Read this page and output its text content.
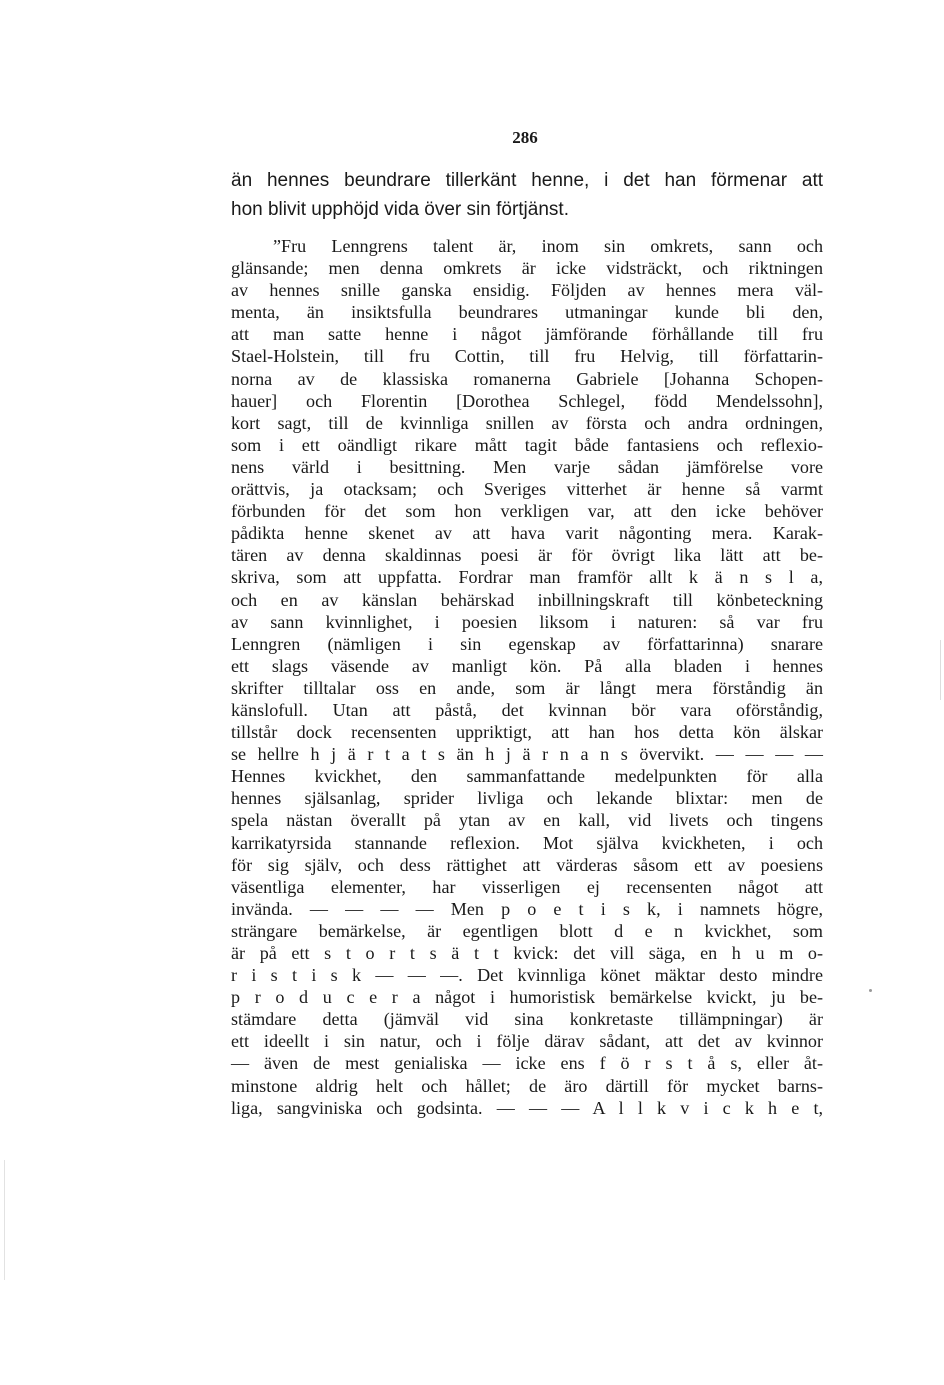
286
än hennes beundrare tillerkänt henne, i det han förmenar att
hon blivit upphöjd vida över sin förtjänst.
”Fru Lenngrens talent är, inom sin omkrets, sann och
glänsande; men denna omkrets är icke vidsträckt, och riktningen
av hennes snille ganska ensidig. Följden av hennes mera väl-
menta, än insiktsfulla beundrares utmaningar kunde bli den,
att man satte henne i något jämförande förhållande till fru
Stael-Holstein, till fru Cottin, till fru Helvig, till författarin-
norna av de klassiska romanerna Gabriele [Johanna Schopen-
hauer] och Florentin [Dorothea Schlegel, född Mendelssohn],
kort sagt, till de kvinnliga snillen av första och andra ordningen,
som i ett oändligt rikare mått tagit både fantasiens och reflexio-
nens värld i besittning. Men varje sådan jämförelse vore
orättvis, ja otacksam; och Sveriges vitterhet är henne så varmt
förbunden för det som hon verkligen var, att den icke behöver
pådikta henne skenet av att hava varit någonting mera. Karak-
tären av denna skaldinnas poesi är för övrigt lika lätt att be-
skriva, som att uppfatta. Fordrar man framför allt k ä n s l a,
och en av känslan behärskad inbillningskraft till könbeteckning
av sann kvinnlighet, i poesien liksom i naturen: så var fru
Lenngren (nämligen i sin egenskap av författarinna) snarare
ett slags väsende av manligt kön. På alla bladen i hennes
skrifter tilltalar oss en ande, som är långt mera förståndig än
känslofull. Utan att påstå, det kvinnan bör vara oförståndig,
tillstår dock recensenten uppriktigt, att han hos detta kön älskar
se hellre h j ä r t a t s än h j ä r n a n s övervikt. — — — —
Hennes kvickhet, den sammanfattande medelpunkten för alla
hennes själsanlag, sprider livliga och lekande blixtar: men de
spela nästan överallt på ytan av en kall, vid livets och tingens
karrikatyrsida stannande reflexion. Mot själva kvickheten, i och
för sig själv, och dess rättighet att värderas såsom ett av poesiens
väsentliga elementer, har visserligen ej recensenten något att
invända. — — — — Men p o e t i s k, i namnets högre,
strängare bemärkelse, är egentligen blott d e n kvickhet, som
är på ett s t o r t s ä t t kvick: det vill säga, en h u m o-
r i s t i s k — — —. Det kvinnliga könet mäktar desto mindre
p r o d u c e r a något i humoristisk bemärkelse kvickt, ju be-
stämdare detta (jämväl vid sina konkretaste tillämpningar) är
ett ideellt i sin natur, och i följe därav sådant, att det av kvinnor
— även de mest genialiska — icke ens f ö r s t å s, eller åt-
minstone aldrig helt och hållet; de äro därtill för mycket barns-
liga, sangviniska och godsinta. — — — A l l k v i c k h e t,
